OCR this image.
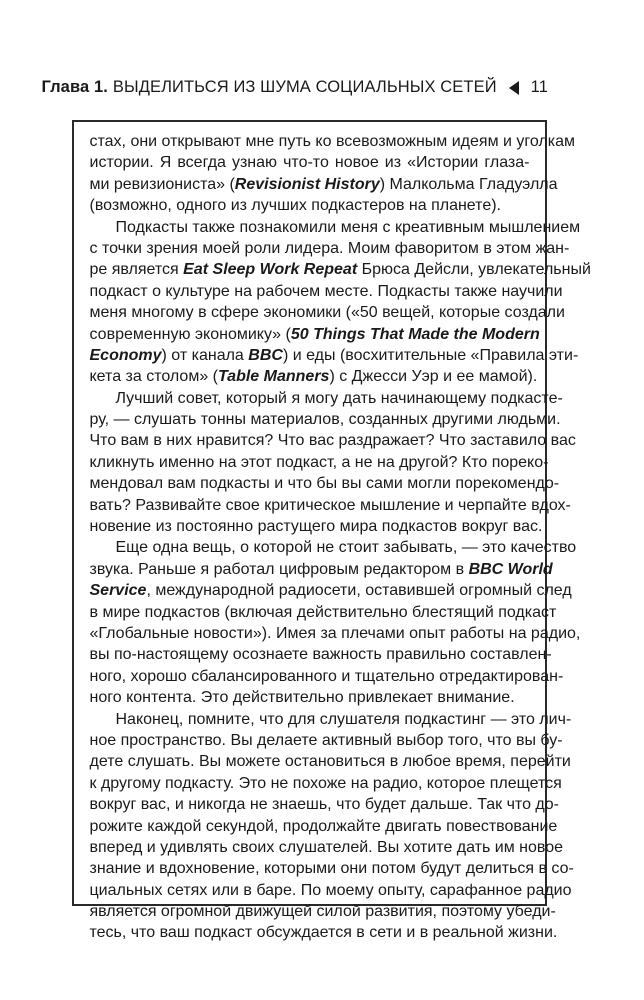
Глава 1. ВЫДЕЛИТЬСЯ ИЗ ШУМА СОЦИАЛЬНЫХ СЕТЕЙ 11
стах, они открывают мне путь ко всевозможным идеям и уголкам
истории. Я всегда узнаю что-то новое из «Истории глаза-
ми ревизиониста» (Revisionist History) Малкольма Гладуэлла
(возможно, одного из лучших подкастеров на планете).
Подкасты также познакомили меня с креативным мышлением
с точки зрения моей роли лидера. Моим фаворитом в этом жан-
ре является Eat Sleep Work Repeat Брюса Дейсли, увлекательный
подкаст о культуре на рабочем месте. Подкасты также научили
меня многому в сфере экономики («50 вещей, которые создали
современную экономику» (50 Things That Made the Modern
Economy) от канала BBC) и еды (восхитительные «Правила эти-
кета за столом» (Table Manners) с Джесси Уэр и ее мамой).
Лучший совет, который я могу дать начинающему подкасте-
ру, — слушать тонны материалов, созданных другими людьми.
Что вам в них нравится? Что вас раздражает? Что заставило вас
кликнуть именно на этот подкаст, а не на другой? Кто пореко-
мендовал вам подкасты и что бы вы сами могли порекомендо-
вать? Развивайте свое критическое мышление и черпайте вдох-
новение из постоянно растущего мира подкастов вокруг вас.
Еще одна вещь, о которой не стоит забывать, — это качество
звука. Раньше я работал цифровым редактором в BBC World
Service, международной радиосети, оставившей огромный след
в мире подкастов (включая действительно блестящий подкаст
«Глобальные новости»). Имея за плечами опыт работы на радио,
вы по-настоящему осознаете важность правильно составлен-
ного, хорошо сбалансированного и тщательно отредактирован-
ного контента. Это действительно привлекает внимание.
Наконец, помните, что для слушателя подкастинг — это лич-
ное пространство. Вы делаете активный выбор того, что вы бу-
дете слушать. Вы можете остановиться в любое время, перейти
к другому подкасту. Это не похоже на радио, которое плещется
вокруг вас, и никогда не знаешь, что будет дальше. Так что до-
рожите каждой секундой, продолжайте двигать повествование
вперед и удивлять своих слушателей. Вы хотите дать им новое
знание и вдохновение, которыми они потом будут делиться в со-
циальных сетях или в баре. По моему опыту, сарафанное радио
является огромной движущей силой развития, поэтому убеди-
тесь, что ваш подкаст обсуждается в сети и в реальной жизни.
